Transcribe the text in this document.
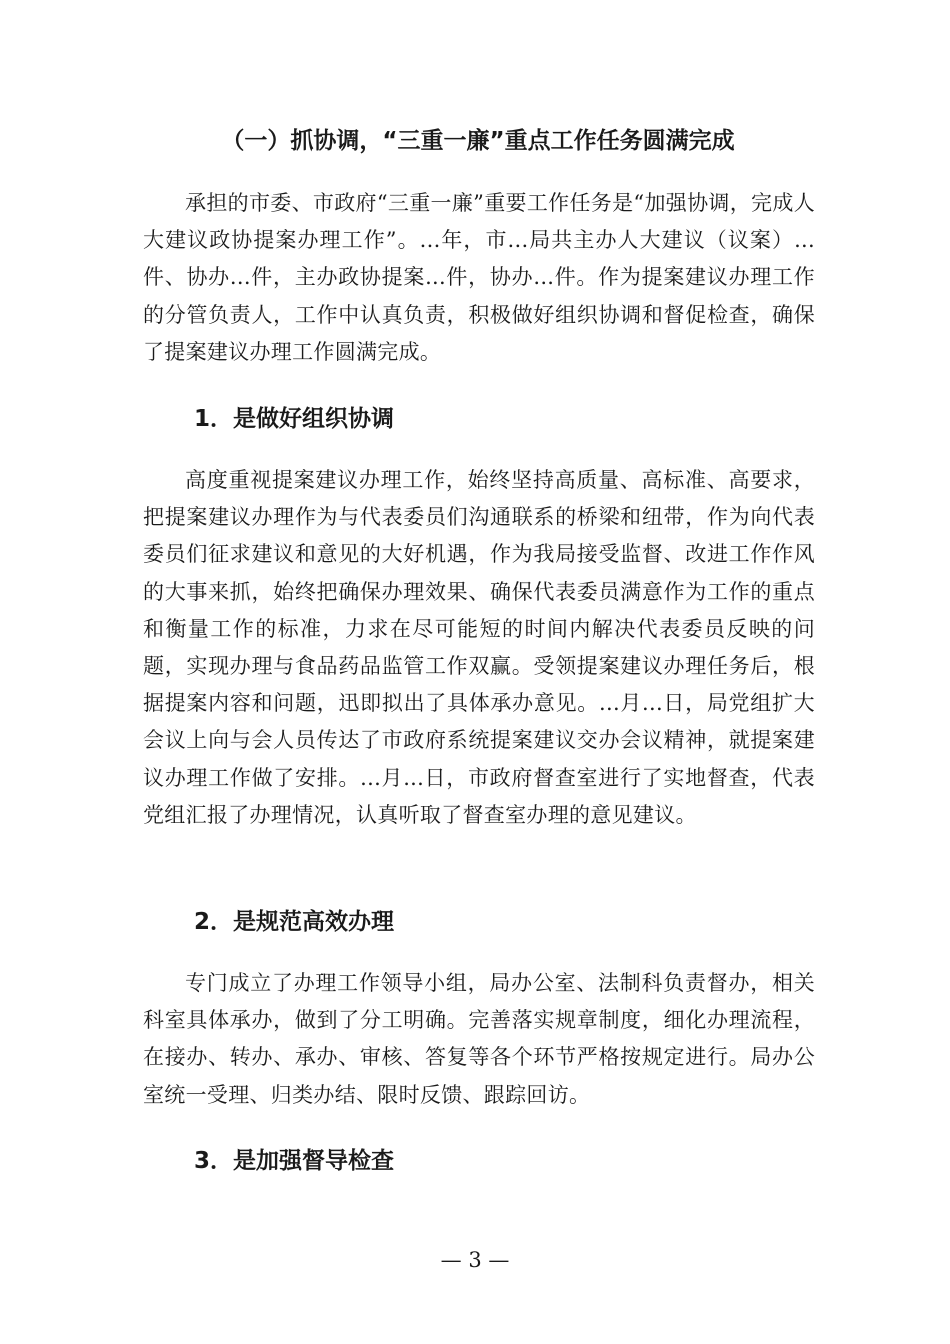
（一）抓协调，“三重一廉”重点工作任务圆满完成

承担的市委、市政府“三重一廉”重要工作任务是“加强协调，完成人大建议政协提案办理工作”。...年，市...局共主办人大建议（议案）...件、协办...件，主办政协提案...件，协办...件。作为提案建议办理工作的分管负责人，工作中认真负责，积极做好组织协调和督促检查，确保了提案建议办理工作圆满完成。

1．是做好组织协调

高度重视提案建议办理工作，始终坚持高质量、高标准、高要求，把提案建议办理作为与代表委员们沟通联系的桥梁和纽带，作为向代表委员们征求建议和意见的大好机遇，作为我局接受监督、改进工作作风的大事来抓，始终把确保办理效果、确保代表委员满意作为工作的重点和衡量工作的标准，力求在尽可能短的时间内解决代表委员反映的问题，实现办理与食品药品监管工作双赢。受领提案建议办理任务后，根据提案内容和问题，迅即拟出了具体承办意见。...月...日，局党组扩大会议上向与会人员传达了市政府系统提案建议交办会议精神，就提案建议办理工作做了安排。...月...日，市政府督查室进行了实地督查，代表党组汇报了办理情况，认真听取了督查室办理的意见建议。

2．是规范高效办理

专门成立了办理工作领导小组，局办公室、法制科负责督办，相关科室具体承办，做到了分工明确。完善落实规章制度，细化办理流程，在接办、转办、承办、审核、答复等各个环节严格按规定进行。局办公室统一受理、归类办结、限时反馈、跟踪回访。

3．是加强督导检查
— 3 —
